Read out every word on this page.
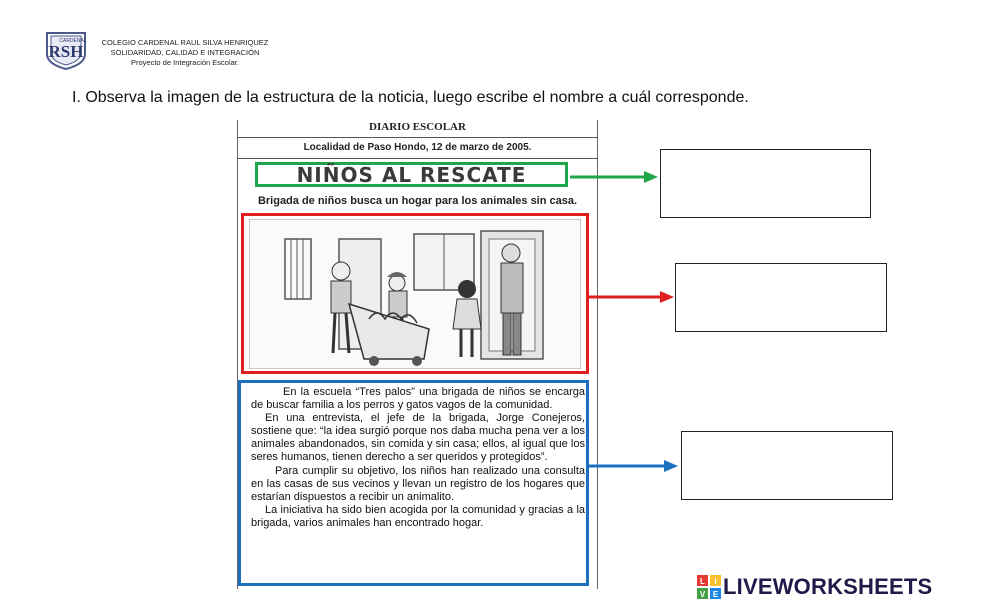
RSH
CARDENAL	COLEGIO CARDENAL RAUL SILVA HENRIQUEZ
SOLIDARIDAD, CALIDAD E INTEGRACIÓN
Proyecto de Integración Escolar.
I. Observa la imagen de la estructura de la noticia, luego escribe el nombre a cuál corresponde.
DIARIO ESCOLAR
Localidad de Paso Hondo, 12 de marzo de 2005.
NIÑOS AL RESCATE
Brigada de niños busca un hogar para los animales sin casa.

En la escuela “Tres palos” una brigada de niños se encarga de buscar familia a los perros y gatos vagos de la comunidad.

En una entrevista, el jefe de la brigada, Jorge Conejeros, sostiene que: “la idea surgió porque nos daba mucha pena ver a los animales abandonados, sin comida y sin casa; ellos, al igual que los seres humanos, tienen derecho a ser queridos y protegidos”.

Para cumplir su objetivo, los niños han realizado una consulta en las casas de sus vecinos y llevan un registro de los hogares que estarían dispuestos a recibir un animalito.

La iniciativa ha sido bien acogida por la comunidad y gracias a la brigada, varios animales han encontrado hogar.

L I
V E LIVEWORKSHEETS
